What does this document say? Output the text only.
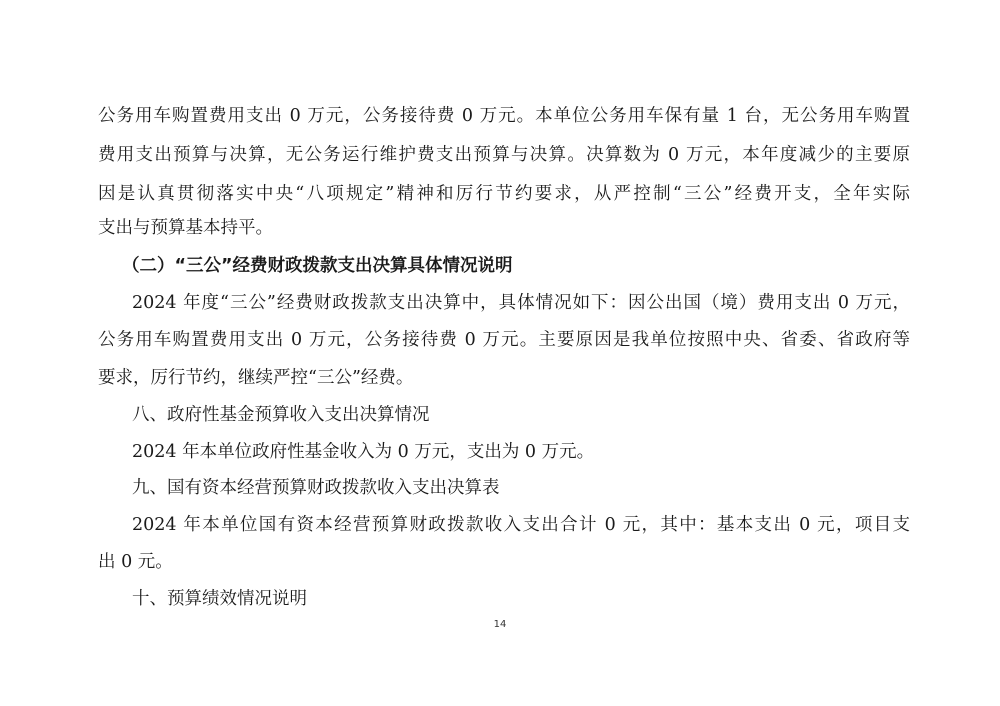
公务用车购置费用支出 0 万元，公务接待费 0 万元。本单位公务用车保有量 1 台，无公务用车购置
费用支出预算与决算，无公务运行维护费支出预算与决算。决算数为 0 万元，本年度减少的主要原
因是认真贯彻落实中央“八项规定”精神和厉行节约要求，从严控制“三公”经费开支，全年实际
支出与预算基本持平。
（二）“三公”经费财政拨款支出决算具体情况说明
2024 年度“三公”经费财政拨款支出决算中，具体情况如下：因公出国（境）费用支出 0 万元，
公务用车购置费用支出 0 万元，公务接待费 0 万元。主要原因是我单位按照中央、省委、省政府等
要求，厉行节约，继续严控“三公”经费。
八、政府性基金预算收入支出决算情况
2024 年本单位政府性基金收入为 0 万元，支出为 0 万元。
九、国有资本经营预算财政拨款收入支出决算表
2024 年本单位国有资本经营预算财政拨款收入支出合计 0 元，其中：基本支出 0 元，项目支
出 0 元。
十、预算绩效情况说明
14
